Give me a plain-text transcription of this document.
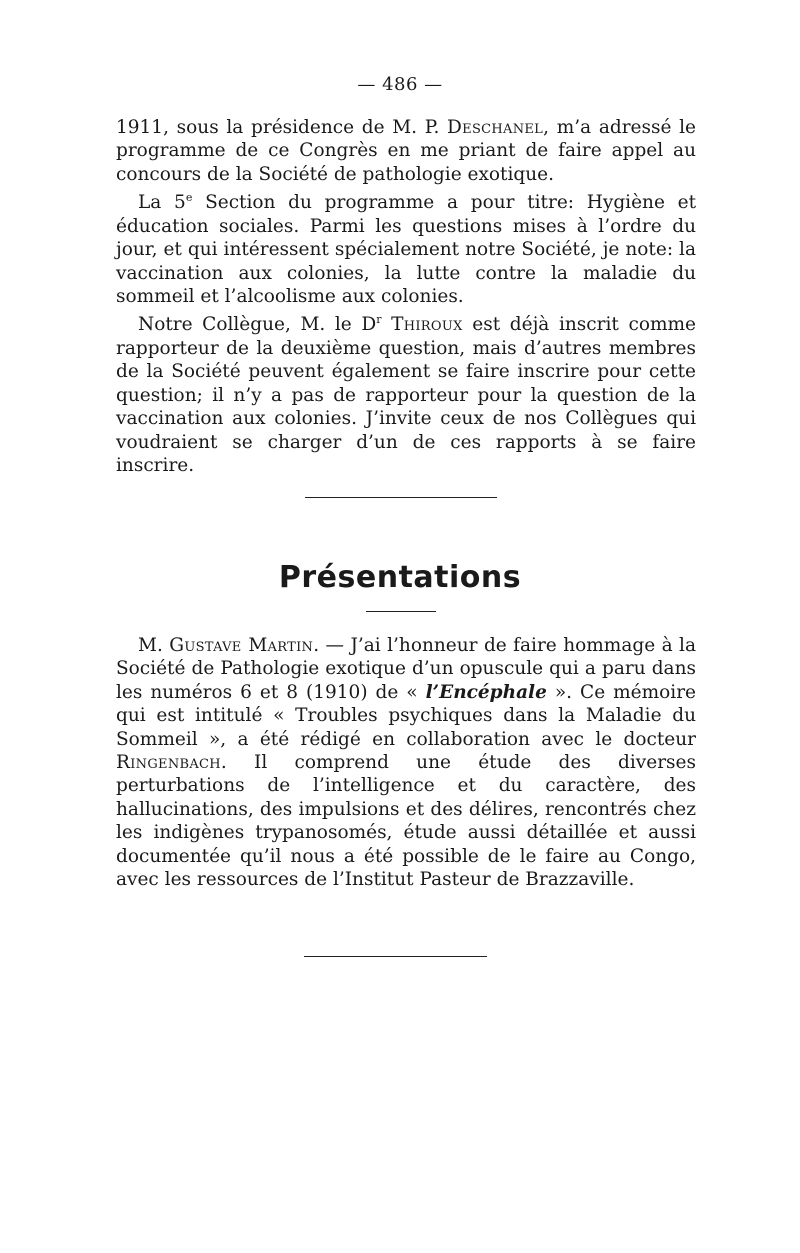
— 486 —

1911, sous la présidence de M. P. Deschanel, m’a adressé le programme de ce Congrès en me priant de faire appel au concours de la Société de pathologie exotique.

La 5e Section du programme a pour titre: Hygiène et éducation sociales. Parmi les questions mises à l’ordre du jour, et qui intéressent spécialement notre Société, je note: la vaccination aux colonies, la lutte contre la maladie du sommeil et l’alcoolisme aux colonies.

Notre Collègue, M. le $D^r$ Thiroux est déjà inscrit comme rapporteur de la deuxième question, mais d’autres membres de la Société peuvent également se faire inscrire pour cette question; il n’y a pas de rapporteur pour la question de la vaccination aux colonies. J’invite ceux de nos Collègues qui voudraient se charger d’un de ces rapports à se faire inscrire.

Présentations

M. Gustave Martin. — J’ai l’honneur de faire hommage à la Société de Pathologie exotique d’un opuscule qui a paru dans les numéros 6 et 8 (1910) de « l’Encéphale ». Ce mémoire qui est intitulé « Troubles psychiques dans la Maladie du Sommeil », a été rédigé en collaboration avec le docteur Ringenbach. Il comprend une étude des diverses perturbations de l’intelligence et du caractère, des hallucinations, des impulsions et des délires, rencontrés chez les indigènes trypanosomés, étude aussi détaillée et aussi documentée qu’il nous a été possible de le faire au Congo, avec les ressources de l’Institut Pasteur de Brazzaville.
